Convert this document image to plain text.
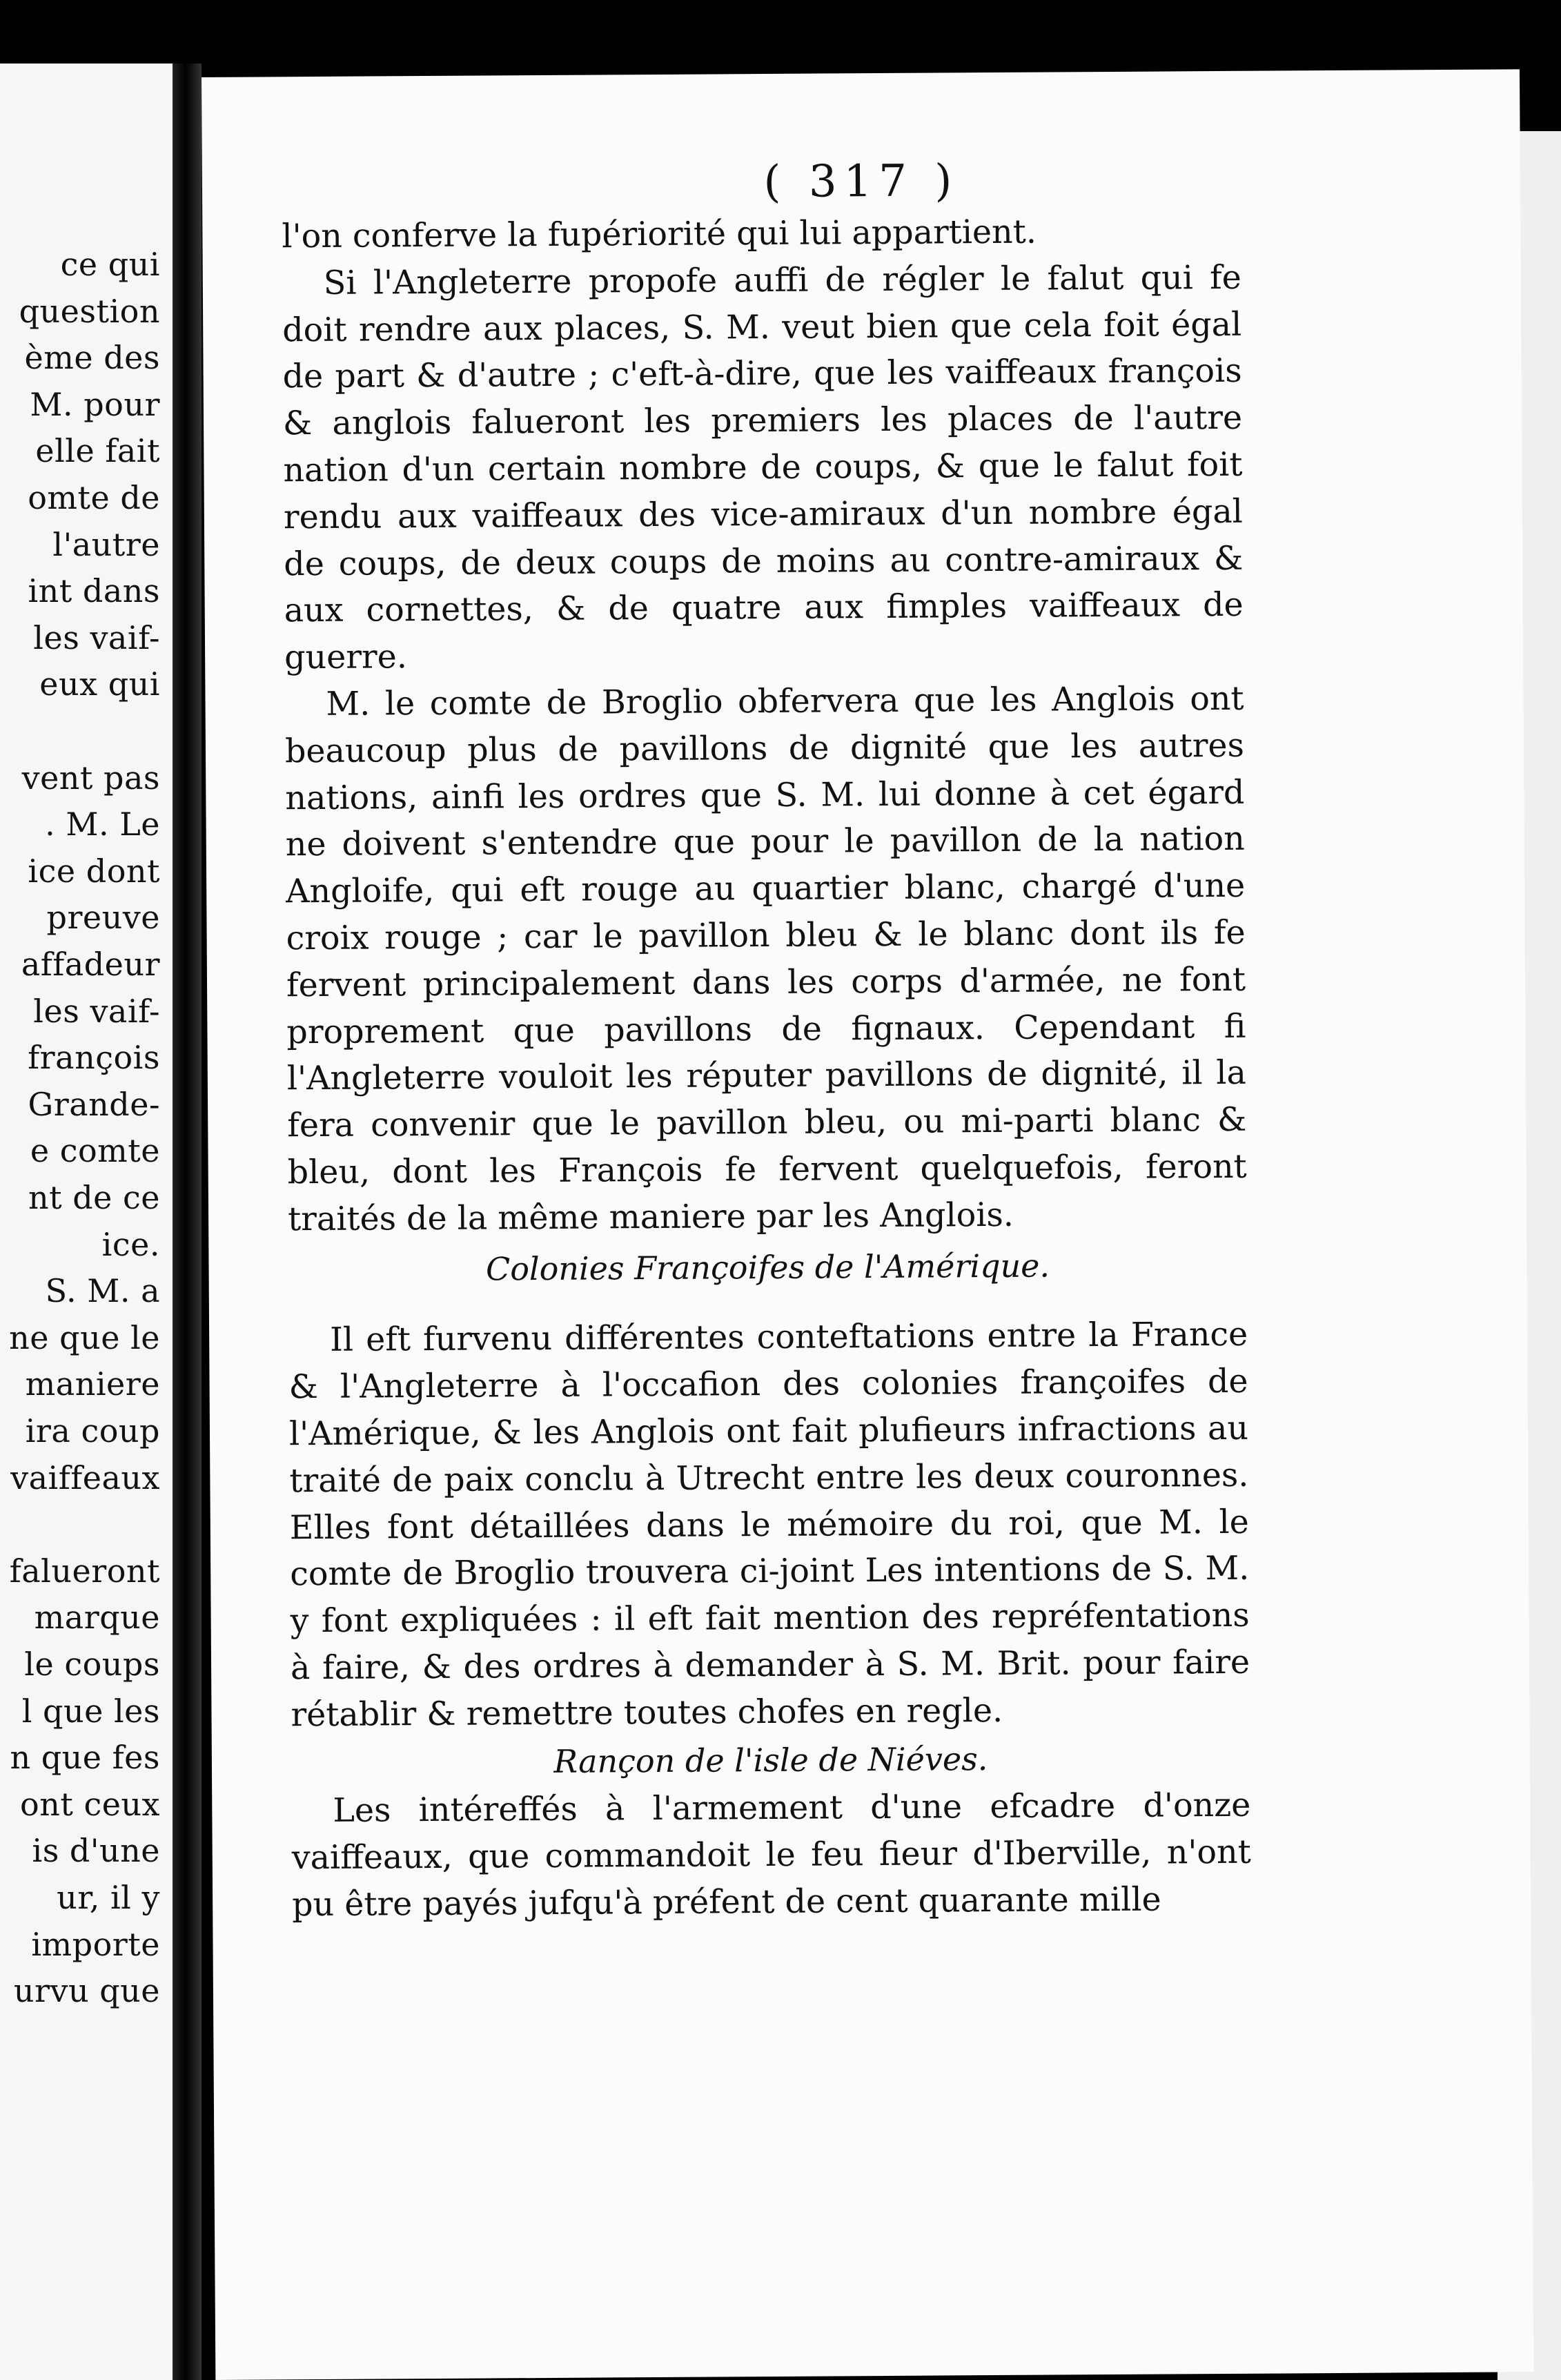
ce qui
question
ème des
M. pour
elle fait
omte de
l'autre
int dans
les vaif-
eux qui
vent pas
. M. Le
ice dont
preuve
affadeur
les vaif-
françois
Grande-
e comte
nt de ce
ice.
S. M. a
ne que le
maniere
ira coup
vaiffeaux
falueront
marque
le coups
l que les
n que fes
ont ceux
is d'une
ur, il y
importe
urvu que
( 317 )

l'on conferve la fupériorité qui lui appartient.

Si l'Angleterre propofe auffi de régler le falut qui fe doit rendre aux places, S. M. veut bien que cela foit égal de part & d'autre ; c'eft-à-dire, que les vaiffeaux françois & anglois falueront les premiers les places de l'autre nation d'un certain nombre de coups, & que le falut foit rendu aux vaiffeaux des vice-amiraux d'un nombre égal de coups, de deux coups de moins au contre-amiraux & aux cornettes, & de quatre aux fimples vaiffeaux de guerre.

M. le comte de Broglio obfervera que les Anglois ont beaucoup plus de pavillons de dignité que les autres nations, ainfi les ordres que S. M. lui donne à cet égard ne doivent s'entendre que pour le pavillon de la nation Angloife, qui eft rouge au quartier blanc, chargé d'une croix rouge ; car le pavillon bleu & le blanc dont ils fe fervent principalement dans les corps d'armée, ne font proprement que pavillons de fignaux. Cependant fi l'Angleterre vouloit les réputer pavillons de dignité, il la fera convenir que le pavillon bleu, ou mi-parti blanc & bleu, dont les François fe fervent quelquefois, feront traités de la même maniere par les Anglois.

Colonies Françoifes de l'Amérique.

Il eft furvenu différentes conteftations entre la France & l'Angleterre à l'occafion des colonies françoifes de l'Amérique, & les Anglois ont fait plufieurs infractions au traité de paix conclu à Utrecht entre les deux couronnes. Elles font détaillées dans le mémoire du roi, que M. le comte de Broglio trouvera ci-joint Les intentions de S. M. y font expliquées : il eft fait mention des repréfentations à faire, & des ordres à demander à S. M. Brit. pour faire rétablir & remettre toutes chofes en regle.

Rançon de l'isle de Niéves.

Les intéreffés à l'armement d'une efcadre d'onze vaiffeaux, que commandoit le feu fieur d'Iberville, n'ont pu être payés jufqu'à préfent de cent quarante mille
